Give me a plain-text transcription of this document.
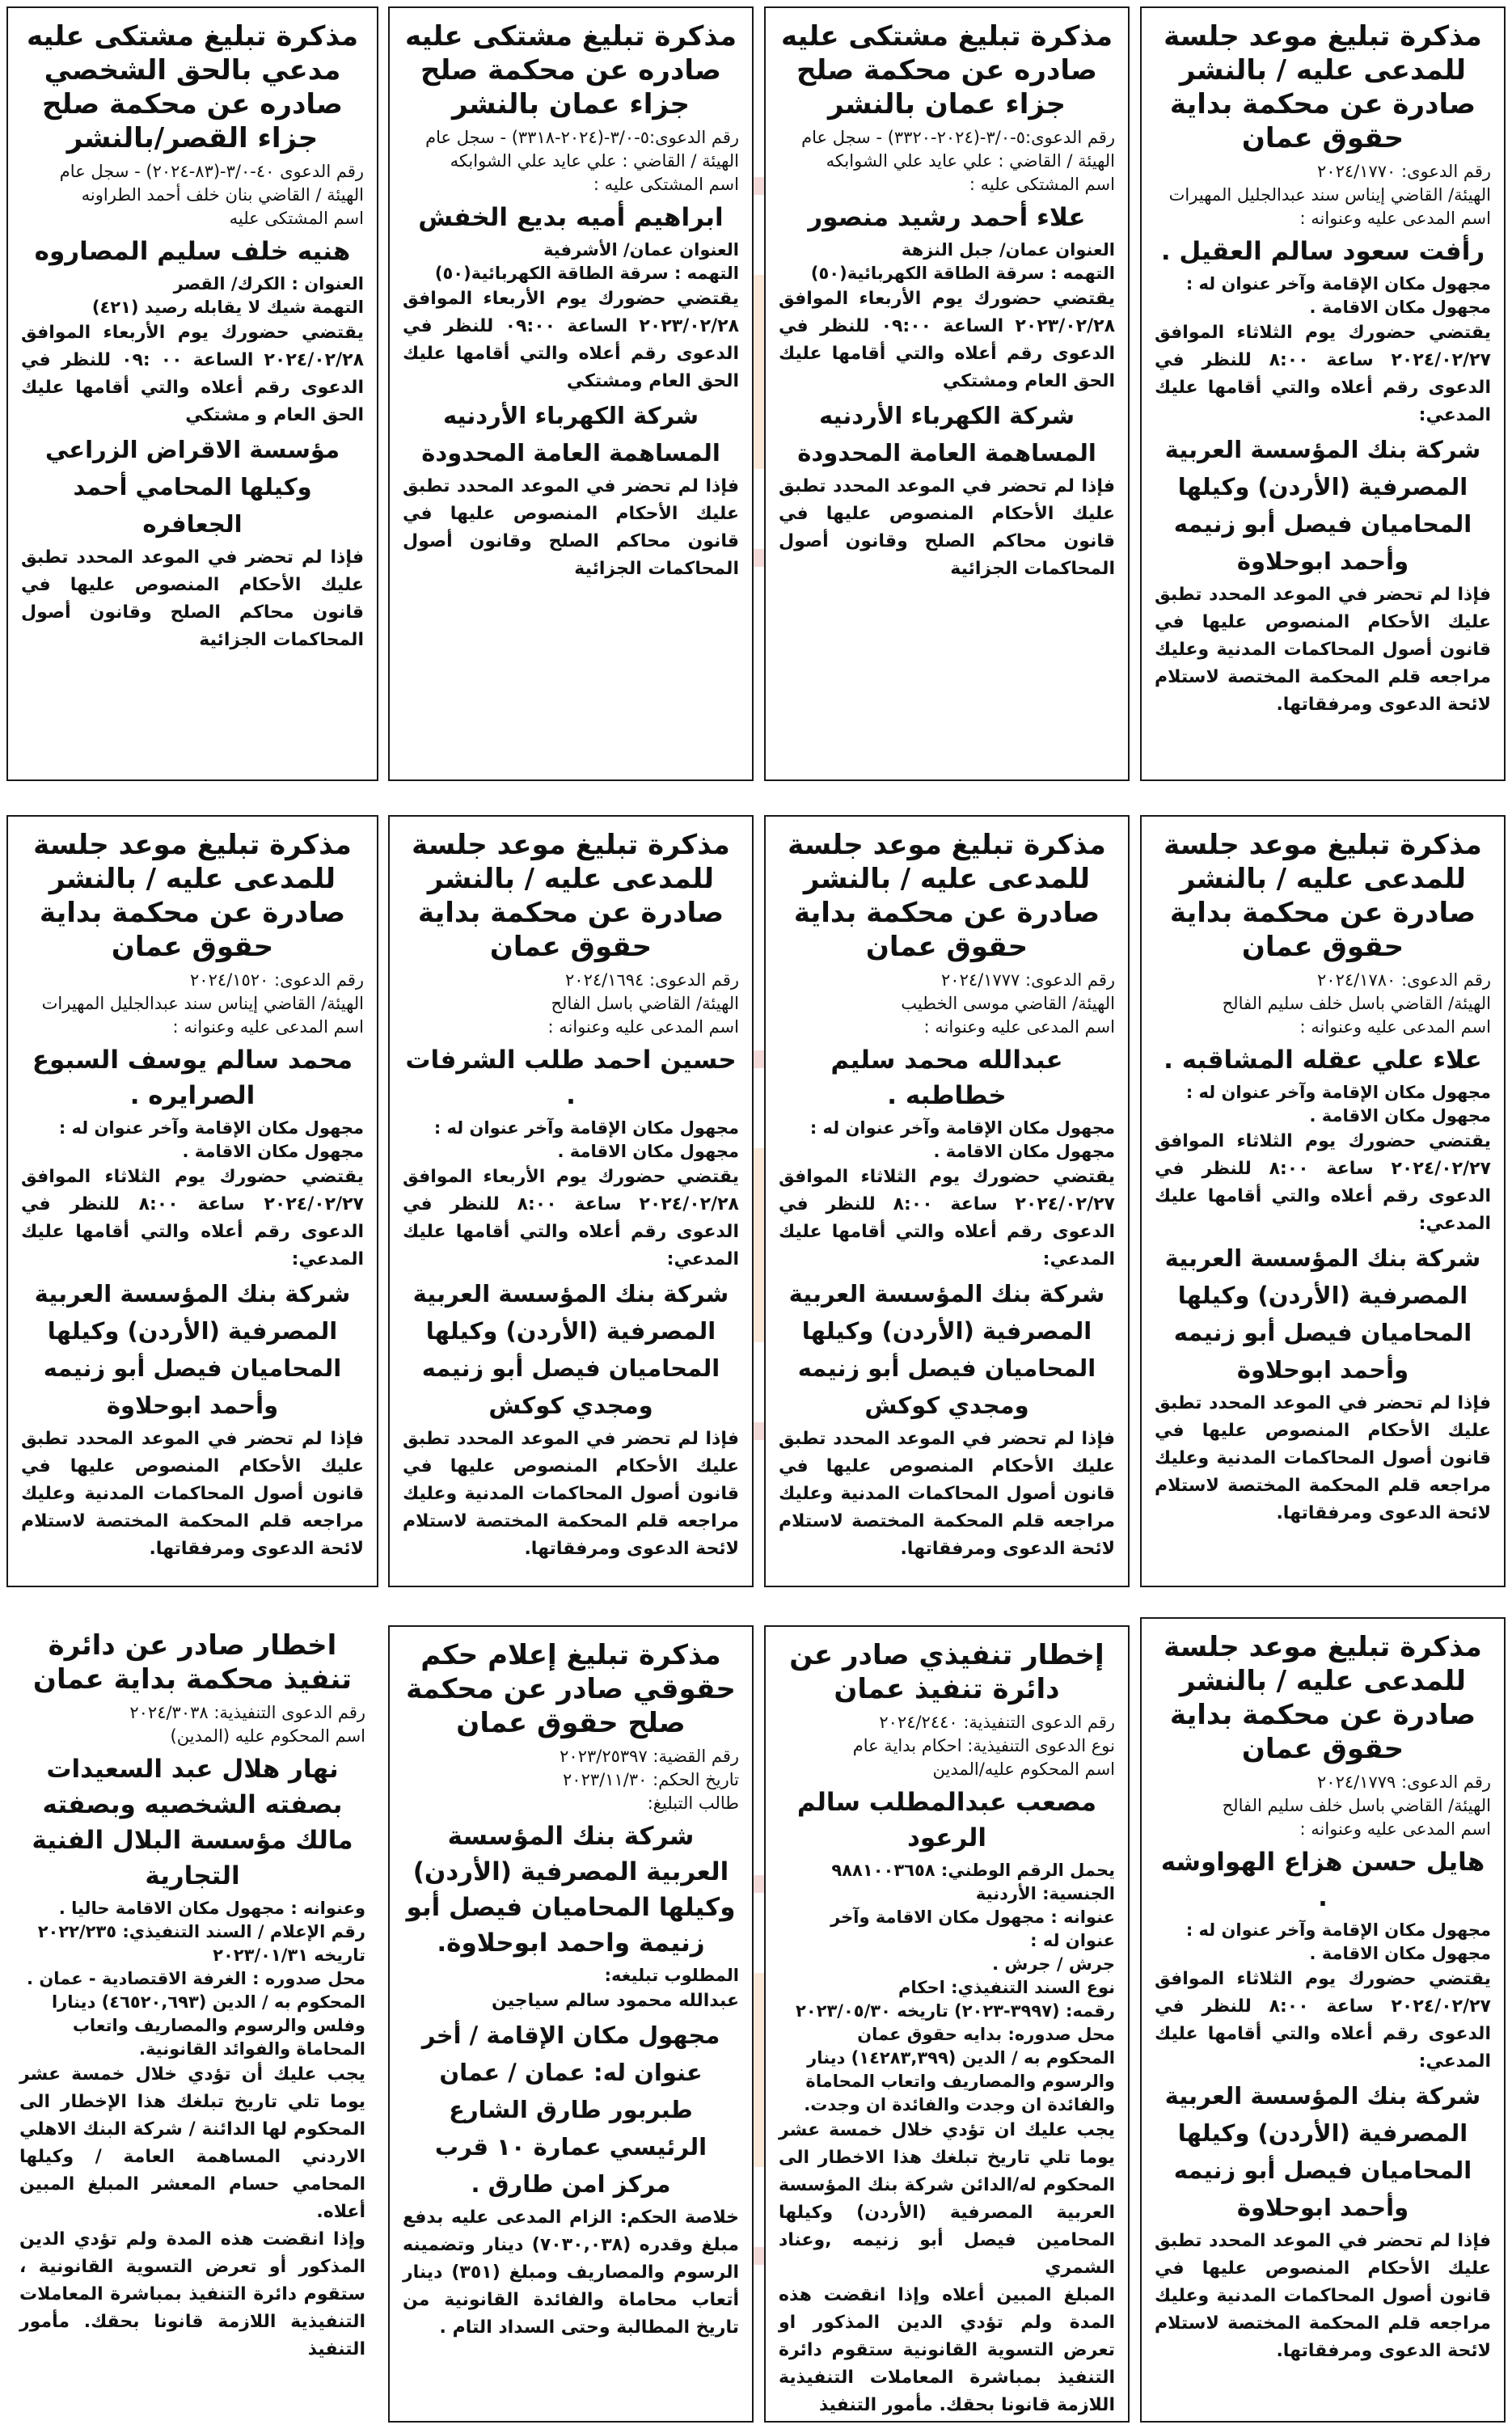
مذكرة تبليغ موعد جلسة للمدعى عليه / بالنشر صادرة عن محكمة بداية حقوق عمان
رقم الدعوى: ٢٠٢٤/١٧٧٠
الهيئة/ القاضي إيناس سند عبدالجليل المهيرات
اسم المدعى عليه وعنوانه :
رأفت سعود سالم العقيل .
مجهول مكان الإقامة وآخر عنوان له :
مجهول مكان الاقامة .
يقتضي حضورك يوم الثلاثاء الموافق ٢٠٢٤/٠٢/٢٧ ساعة ٨:٠٠ للنظر في الدعوى رقم أعلاه والتي أقامها عليك المدعي:
شركة بنك المؤسسة العربية المصرفية (الأردن) وكيلها المحاميان فيصل أبو زنيمه وأحمد ابوحلاوة
فإذا لم تحضر في الموعد المحدد تطبق عليك الأحكام المنصوص عليها في قانون أصول المحاكمات المدنية وعليك مراجعه قلم المحكمة المختصة لاستلام لائحة الدعوى ومرفقاتها.
مذكرة تبليغ مشتكى عليه صادره عن محكمة صلح جزاء عمان بالنشر
رقم الدعوى:٥-٣/٠-(٢٠٢٤-٣٣٢٠) - سجل عام
الهيئة / القاضي : علي عايد علي الشوابكه
اسم المشتكى عليه :
علاء أحمد رشيد منصور
العنوان عمان/ جبل النزهة
التهمه : سرقة الطاقة الكهربائية(٥٠)
يقتضي حضورك يوم الأربعاء الموافق ٢٠٢٣/٠٢/٢٨ الساعة ٠٩:٠٠ للنظر في الدعوى رقم أعلاه والتي أقامها عليك الحق العام ومشتكي
شركة الكهرباء الأردنيه المساهمة العامة المحدودة
فإذا لم تحضر في الموعد المحدد تطبق عليك الأحكام المنصوص عليها في قانون محاكم الصلح وقانون أصول المحاكمات الجزائية
مذكرة تبليغ مشتكى عليه صادره عن محكمة صلح جزاء عمان بالنشر
رقم الدعوى:٥-٣/٠-(٢٠٢٤-٣٣١٨) - سجل عام
الهيئة / القاضي : علي عايد علي الشوابكه
اسم المشتكى عليه :
ابراهيم أميه بديع الخفش
العنوان عمان/ الأشرفية
التهمه : سرقة الطاقة الكهربائية(٥٠)
يقتضي حضورك يوم الأربعاء الموافق ٢٠٢٣/٠٢/٢٨ الساعة ٠٩:٠٠ للنظر في الدعوى رقم أعلاه والتي أقامها عليك الحق العام ومشتكي
شركة الكهرباء الأردنيه المساهمة العامة المحدودة
فإذا لم تحضر في الموعد المحدد تطبق عليك الأحكام المنصوص عليها في قانون محاكم الصلح وقانون أصول المحاكمات الجزائية
مذكرة تبليغ مشتكى عليه مدعي بالحق الشخصي صادره عن محكمة صلح جزاء القصر/بالنشر
رقم الدعوى ٤٠-٣/٠-(٨٣-٢٠٢٤) - سجل عام
الهيئة / القاضي بنان خلف أحمد الطراونه
اسم المشتكى عليه
هنيه خلف سليم المصاروه
العنوان : الكرك/ القصر
التهمة شيك لا يقابله رصيد (٤٢١)
يقتضي حضورك يوم الأربعاء الموافق ٢٠٢٤/٠٢/٢٨ الساعة ٠٠ :٠٩ للنظر في الدعوى رقم أعلاه والتي أقامها عليك الحق العام و مشتكي
مؤسسة الاقراض الزراعي وكيلها المحامي أحمد الجعافره
فإذا لم تحضر في الموعد المحدد تطبق عليك الأحكام المنصوص عليها في قانون محاكم الصلح وقانون أصول المحاكمات الجزائية
مذكرة تبليغ موعد جلسة للمدعى عليه / بالنشر صادرة عن محكمة بداية حقوق عمان
رقم الدعوى: ٢٠٢٤/١٧٨٠
الهيئة/ القاضي باسل خلف سليم الفالح
اسم المدعى عليه وعنوانه :
علاء علي عقله المشاقبه .
مجهول مكان الإقامة وآخر عنوان له :
مجهول مكان الاقامة .
يقتضي حضورك يوم الثلاثاء الموافق ٢٠٢٤/٠٢/٢٧ ساعة ٨:٠٠ للنظر في الدعوى رقم أعلاه والتي أقامها عليك المدعي:
شركة بنك المؤسسة العربية المصرفية (الأردن) وكيلها المحاميان فيصل أبو زنيمه وأحمد ابوحلاوة
فإذا لم تحضر في الموعد المحدد تطبق عليك الأحكام المنصوص عليها في قانون أصول المحاكمات المدنية وعليك مراجعه قلم المحكمة المختصة لاستلام لائحة الدعوى ومرفقاتها.
مذكرة تبليغ موعد جلسة للمدعى عليه / بالنشر صادرة عن محكمة بداية حقوق عمان
رقم الدعوى: ٢٠٢٤/١٧٧٧
الهيئة/ القاضي موسى الخطيب
اسم المدعى عليه وعنوانه :
عبدالله محمد سليم خطاطبه .
مجهول مكان الإقامة وآخر عنوان له :
مجهول مكان الاقامة .
يقتضي حضورك يوم الثلاثاء الموافق ٢٠٢٤/٠٢/٢٧ ساعة ٨:٠٠ للنظر في الدعوى رقم أعلاه والتي أقامها عليك المدعي:
شركة بنك المؤسسة العربية المصرفية (الأردن) وكيلها المحاميان فيصل أبو زنيمه ومجدي كوكش
فإذا لم تحضر في الموعد المحدد تطبق عليك الأحكام المنصوص عليها في قانون أصول المحاكمات المدنية وعليك مراجعه قلم المحكمة المختصة لاستلام لائحة الدعوى ومرفقاتها.
مذكرة تبليغ موعد جلسة للمدعى عليه / بالنشر صادرة عن محكمة بداية حقوق عمان
رقم الدعوى: ٢٠٢٤/١٦٩٤
الهيئة/ القاضي باسل الفالح
اسم المدعى عليه وعنوانه :
حسين احمد طلب الشرفات .
مجهول مكان الإقامة وآخر عنوان له :
مجهول مكان الاقامة .
يقتضي حضورك يوم الأربعاء الموافق ٢٠٢٤/٠٢/٢٨ ساعة ٨:٠٠ للنظر في الدعوى رقم أعلاه والتي أقامها عليك المدعي:
شركة بنك المؤسسة العربية المصرفية (الأردن) وكيلها المحاميان فيصل أبو زنيمه ومجدي كوكش
فإذا لم تحضر في الموعد المحدد تطبق عليك الأحكام المنصوص عليها في قانون أصول المحاكمات المدنية وعليك مراجعه قلم المحكمة المختصة لاستلام لائحة الدعوى ومرفقاتها.
مذكرة تبليغ موعد جلسة للمدعى عليه / بالنشر صادرة عن محكمة بداية حقوق عمان
رقم الدعوى: ٢٠٢٤/١٥٢٠
الهيئة/ القاضي إيناس سند عبدالجليل المهيرات
اسم المدعى عليه وعنوانه :
محمد سالم يوسف السبوع الصرايره .
مجهول مكان الإقامة وآخر عنوان له :
مجهول مكان الاقامة .
يقتضي حضورك يوم الثلاثاء الموافق ٢٠٢٤/٠٢/٢٧ ساعة ٨:٠٠ للنظر في الدعوى رقم أعلاه والتي أقامها عليك المدعي:
شركة بنك المؤسسة العربية المصرفية (الأردن) وكيلها المحاميان فيصل أبو زنيمه وأحمد ابوحلاوة
فإذا لم تحضر في الموعد المحدد تطبق عليك الأحكام المنصوص عليها في قانون أصول المحاكمات المدنية وعليك مراجعه قلم المحكمة المختصة لاستلام لائحة الدعوى ومرفقاتها.
مذكرة تبليغ موعد جلسة للمدعى عليه / بالنشر صادرة عن محكمة بداية حقوق عمان
رقم الدعوى: ٢٠٢٤/١٧٧٩
الهيئة/ القاضي باسل خلف سليم الفالح
اسم المدعى عليه وعنوانه :
هايل حسن هزاع الهواوشه .
مجهول مكان الإقامة وآخر عنوان له :
مجهول مكان الاقامة .
يقتضي حضورك يوم الثلاثاء الموافق ٢٠٢٤/٠٢/٢٧ ساعة ٨:٠٠ للنظر في الدعوى رقم أعلاه والتي أقامها عليك المدعي:
شركة بنك المؤسسة العربية المصرفية (الأردن) وكيلها المحاميان فيصل أبو زنيمه وأحمد ابوحلاوة
فإذا لم تحضر في الموعد المحدد تطبق عليك الأحكام المنصوص عليها في قانون أصول المحاكمات المدنية وعليك مراجعه قلم المحكمة المختصة لاستلام لائحة الدعوى ومرفقاتها.
إخطار تنفيذي صادر عن دائرة تنفيذ عمان
رقم الدعوى التنفيذية: ٢٠٢٤/٢٤٤٠
نوع الدعوى التنفيذية: احكام بداية عام
اسم المحكوم عليه/المدين
مصعب عبدالمطلب سالم الرعود
يحمل الرقم الوطني: ٩٨٨١٠٠٣٦٥٨ الجنسية: الأردنية
عنوانه : مجهول مكان الاقامة وآخر عنوان له :
جرش / جرش .
نوع السند التنفيذي: احكام
رقمه: (٣٩٩٧-٢٠٢٣) تاريخه ٢٠٢٣/٠٥/٣٠
محل صدوره: بدايه حقوق عمان
المحكوم به / الدين (١٤٢٨٣,٣٩٩) دينار والرسوم والمصاريف واتعاب المحاماة والفائدة ان وجدت والفائدة ان وجدت.
يجب عليك ان تؤدي خلال خمسة عشر يوما تلي تاريخ تبلغك هذا الاخطار الى المحكوم له/الدائن شركة بنك المؤسسة العربية المصرفية (الأردن) وكيلها المحامين فيصل أبو زنيمه ,وعناد الشمري
المبلغ المبين أعلاه وإذا انقضت هذه المدة ولم تؤدي الدين المذكور او تعرض التسوية القانونية ستقوم دائرة التنفيذ بمباشرة المعاملات التنفيذية اللازمة قانونا بحقك. مأمور التنفيذ
مذكرة تبليغ إعلام حكم حقوقي صادر عن محكمة صلح حقوق عمان
رقم القضية: ٢٠٢٣/٢٥٣٩٧
تاريخ الحكم: ٢٠٢٣/١١/٣٠
طالب التبليغ:
شركة بنك المؤسسة العربية المصرفية (الأردن) وكيلها المحاميان فيصل أبو زنيمة واحمد ابوحلاوة.
المطلوب تبليغه:
عبدالله محمود سالم سياجين
مجهول مكان الإقامة / أخر عنوان له: عمان / عمان طبربور طارق الشارع الرئيسي عمارة ١٠ قرب مركز امن طارق .
خلاصة الحكم: الزام المدعى عليه بدفع مبلغ وقدره (٧٠٣٠,٠٣٨) دينار وتضمينه الرسوم والمصاريف ومبلغ (٣٥١) دينار أتعاب محاماة والفائدة القانونية من تاريخ المطالبة وحتى السداد التام .
اخطار صادر عن دائرة تنفيذ محكمة بداية عمان
رقم الدعوى التنفيذية: ٢٠٢٤/٣٠٣٨
اسم المحكوم عليه (المدين)
نهار هلال عبد السعيدات بصفته الشخصيه وبصفته مالك مؤسسة البلال الفنية التجارية
وعنوانه : مجهول مكان الاقامة حاليا .
رقم الإعلام / السند التنفيذي: ٢٠٢٢/٢٣٥
تاريخه ٢٠٢٣/٠١/٣١
محل صدوره : الغرفة الاقتصادية - عمان .
المحكوم به / الدين (٤٦٥٢٠,٦٩٣) دينارا وفلس والرسوم والمصاريف واتعاب المحاماة والفوائد القانونية.
يجب عليك أن تؤدي خلال خمسة عشر يوما تلي تاريخ تبلغك هذا الإخطار الى المحكوم لها الدائنة / شركة البنك الاهلي الاردني المساهمة العامة / وكيلها المحامي حسام المعشر المبلغ المبين أعلاه.
وإذا انقضت هذه المدة ولم تؤدي الدين المذكور أو تعرض التسوية القانونية ، ستقوم دائرة التنفيذ بمباشرة المعاملات التنفيذية اللازمة قانونا بحقك. مأمور التنفيذ
